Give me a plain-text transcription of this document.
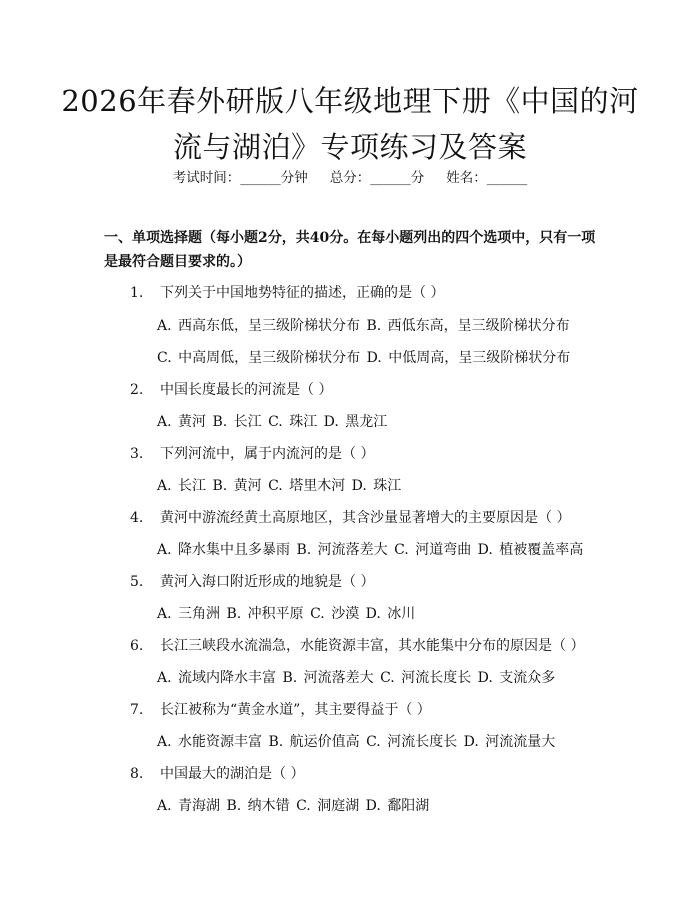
2026年春外研版八年级地理下册《中国的河
流与湖泊》专项练习及答案
考试时间：______分钟 总分：______分 姓名：______
一、单项选择题（每小题2分，共40分。在每小题列出的四个选项中，只有一项
是最符合题目要求的。）
1. 下列关于中国地势特征的描述，正确的是（ ）
A. 西高东低，呈三级阶梯状分布 B. 西低东高，呈三级阶梯状分布
C. 中高周低，呈三级阶梯状分布 D. 中低周高，呈三级阶梯状分布
2. 中国长度最长的河流是（ ）
A. 黄河 B. 长江 C. 珠江 D. 黑龙江
3. 下列河流中，属于内流河的是（ ）
A. 长江 B. 黄河 C. 塔里木河 D. 珠江
4. 黄河中游流经黄土高原地区，其含沙量显著增大的主要原因是（ ）
A. 降水集中且多暴雨 B. 河流落差大 C. 河道弯曲 D. 植被覆盖率高
5. 黄河入海口附近形成的地貌是（ ）
A. 三角洲 B. 冲积平原 C. 沙漠 D. 冰川
6. 长江三峡段水流湍急，水能资源丰富，其水能集中分布的原因是（ ）
A. 流域内降水丰富 B. 河流落差大 C. 河流长度长 D. 支流众多
7. 长江被称为“黄金水道”，其主要得益于（ ）
A. 水能资源丰富 B. 航运价值高 C. 河流长度长 D. 河流流量大
8. 中国最大的湖泊是（ ）
A. 青海湖 B. 纳木错 C. 洞庭湖 D. 鄱阳湖
